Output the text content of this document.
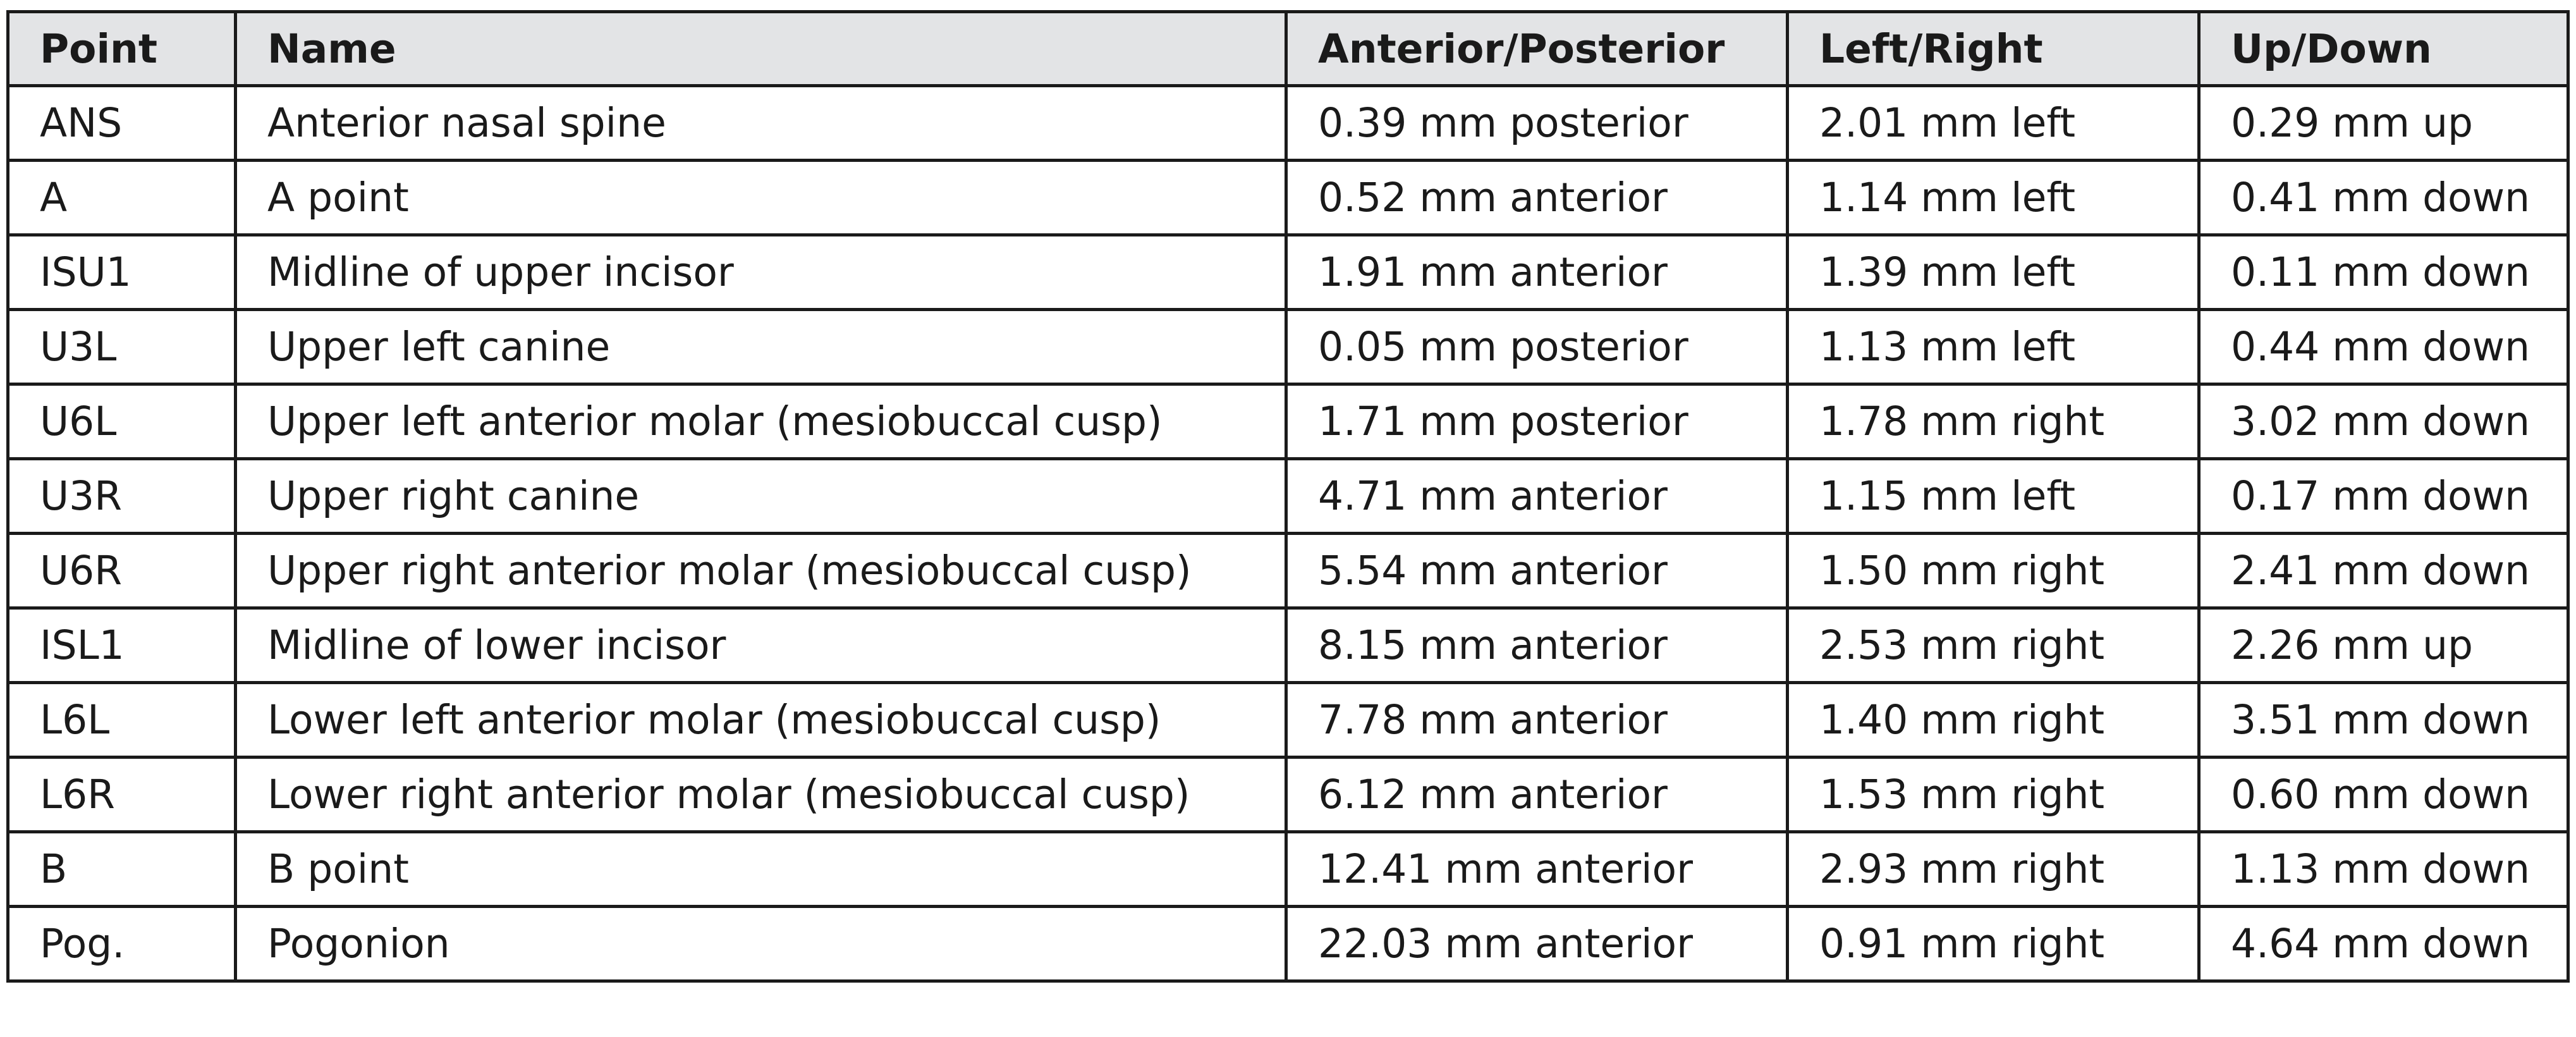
Point	Name	Anterior/Posterior	Left/Right	Up/Down
ANS	Anterior nasal spine	0.39 mm posterior	2.01 mm left	0.29 mm up
A	A point	0.52 mm anterior	1.14 mm left	0.41 mm down
ISU1	Midline of upper incisor	1.91 mm anterior	1.39 mm left	0.11 mm down
U3L	Upper left canine	0.05 mm posterior	1.13 mm left	0.44 mm down
U6L	Upper left anterior molar (mesiobuccal cusp)	1.71 mm posterior	1.78 mm right	3.02 mm down
U3R	Upper right canine	4.71 mm anterior	1.15 mm left	0.17 mm down
U6R	Upper right anterior molar (mesiobuccal cusp)	5.54 mm anterior	1.50 mm right	2.41 mm down
ISL1	Midline of lower incisor	8.15 mm anterior	2.53 mm right	2.26 mm up
L6L	Lower left anterior molar (mesiobuccal cusp)	7.78 mm anterior	1.40 mm right	3.51 mm down
L6R	Lower right anterior molar (mesiobuccal cusp)	6.12 mm anterior	1.53 mm right	0.60 mm down
B	B point	12.41 mm anterior	2.93 mm right	1.13 mm down
Pog.	Pogonion	22.03 mm anterior	0.91 mm right	4.64 mm down
